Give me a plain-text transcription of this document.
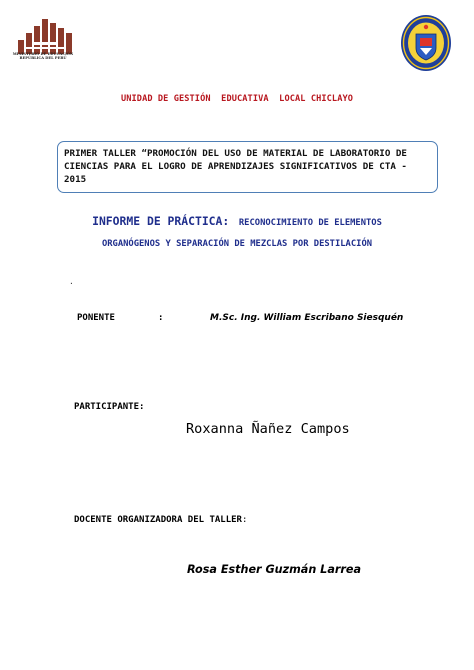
MINISTERIO DE EDUCACIÓN
REPÚBLICA DEL PERÚ
UNIDAD DE GESTIÓN  EDUCATIVA  LOCAL CHICLAYO
PRIMER TALLER “PROMOCIÓN DEL USO DE MATERIAL DE LABORATORIO DE
CIENCIAS PARA EL LOGRO DE APRENDIZAJES SIGNIFICATIVOS DE CTA -
2015
INFORME DE PRÁCTICA: RECONOCIMIENTO DE ELEMENTOS
ORGANÓGENOS Y SEPARACIÓN DE MEZCLAS POR DESTILACIÓN
.
PONENTE	:	M.Sc. Ing. William Escribano Siesquén
PARTICIPANTE:
Roxanna Ñañez Campos
DOCENTE ORGANIZADORA DEL TALLER:
Rosa Esther Guzmán Larrea
